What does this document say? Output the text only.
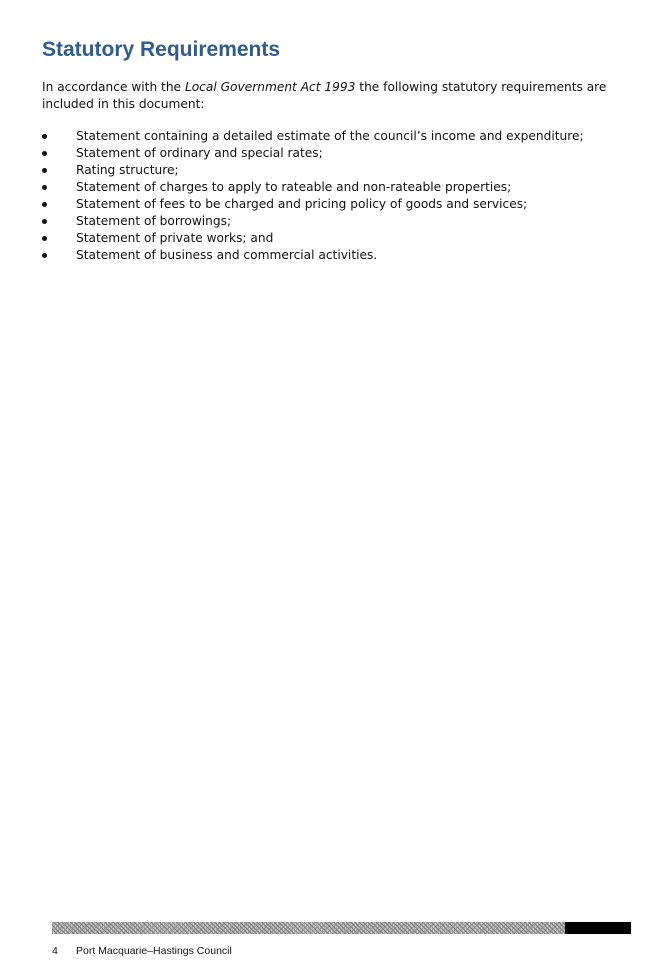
Statutory Requirements

In accordance with the Local Government Act 1993 the following statutory requirements are included in this document:

Statement containing a detailed estimate of the council’s income and expenditure;
Statement of ordinary and special rates;
Rating structure;
Statement of charges to apply to rateable and non-rateable properties;
Statement of fees to be charged and pricing policy of goods and services;
Statement of borrowings;
Statement of private works; and
Statement of business and commercial activities.
4 Port Macquarie–Hastings Council
